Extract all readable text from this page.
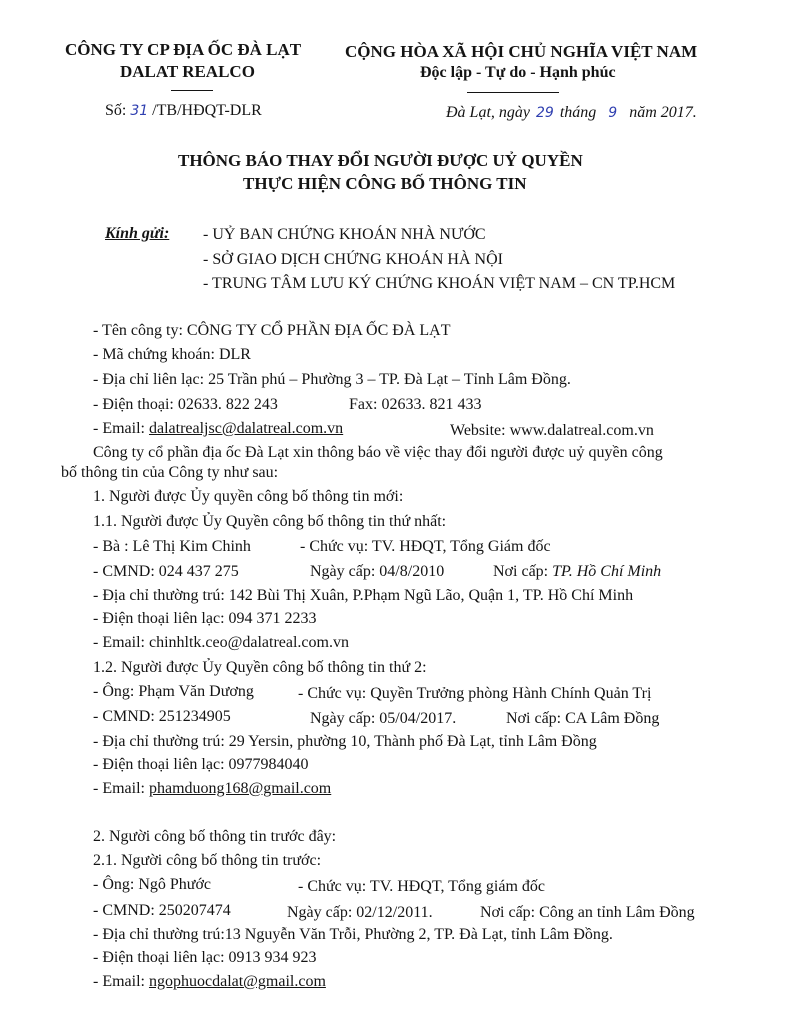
CÔNG TY CP ĐỊA ỐC ĐÀ LẠT
DALAT REALCO
CỘNG HÒA XÃ HỘI CHỦ NGHĨA VIỆT NAM
Độc lập - Tự do - Hạnh phúc
Số: 31 /TB/HĐQT-DLR	Đà Lạt, ngày 29 tháng 9 năm 2017.
THÔNG BÁO THAY ĐỔI NGƯỜI ĐƯỢC UỶ QUYỀN
THỰC HIỆN CÔNG BỐ THÔNG TIN
Kính gửi: - UỶ BAN CHỨNG KHOÁN NHÀ NƯỚC
- SỞ GIAO DỊCH CHỨNG KHOÁN HÀ NỘI
- TRUNG TÂM LƯU KÝ CHỨNG KHOÁN VIỆT NAM – CN TP.HCM
- Tên công ty: CÔNG TY CỔ PHẦN ĐỊA ỐC ĐÀ LẠT
- Mã chứng khoán: DLR
- Địa chỉ liên lạc: 25 Trần phú – Phường 3 – TP. Đà Lạt – Tỉnh Lâm Đồng.
- Điện thoại: 02633. 822 243	Fax: 02633. 821 433
- Email: dalatrealjsc@dalatreal.com.vn	Website: www.dalatreal.com.vn
Công ty cổ phần địa ốc Đà Lạt xin thông báo về việc thay đổi người được uỷ quyền công
bố thông tin của Công ty như sau:
1. Người được Ủy quyền công bố thông tin mới:
1.1. Người được Ủy Quyền công bố thông tin thứ nhất:
- Bà : Lê Thị Kim Chinh	- Chức vụ: TV. HĐQT, Tổng Giám đốc
- CMND: 024 437 275	Ngày cấp: 04/8/2010	Nơi cấp: TP. Hồ Chí Minh
- Địa chỉ thường trú: 142 Bùi Thị Xuân, P.Phạm Ngũ Lão, Quận 1, TP. Hồ Chí Minh
- Điện thoại liên lạc: 094 371 2233
- Email: chinhltk.ceo@dalatreal.com.vn
1.2. Người được Ủy Quyền công bố thông tin thứ 2:
- Ông: Phạm Văn Dương	- Chức vụ: Quyền Trưởng phòng Hành Chính Quản Trị
- CMND: 251234905	Ngày cấp: 05/04/2017.	Nơi cấp: CA Lâm Đồng
- Địa chỉ thường trú: 29 Yersin, phường 10, Thành phố Đà Lạt, tỉnh Lâm Đồng
- Điện thoại liên lạc: 0977984040
- Email: phamduong168@gmail.com
2. Người công bố thông tin trước đây:
2.1. Người công bố thông tin trước:
- Ông: Ngô Phước	- Chức vụ: TV. HĐQT, Tổng giám đốc
- CMND: 250207474	Ngày cấp: 02/12/2011.	Nơi cấp: Công an tỉnh Lâm Đồng
- Địa chỉ thường trú:13 Nguyễn Văn Trỗi, Phường 2, TP. Đà Lạt, tỉnh Lâm Đồng.
- Điện thoại liên lạc: 0913 934 923
- Email: ngophuocdalat@gmail.com
